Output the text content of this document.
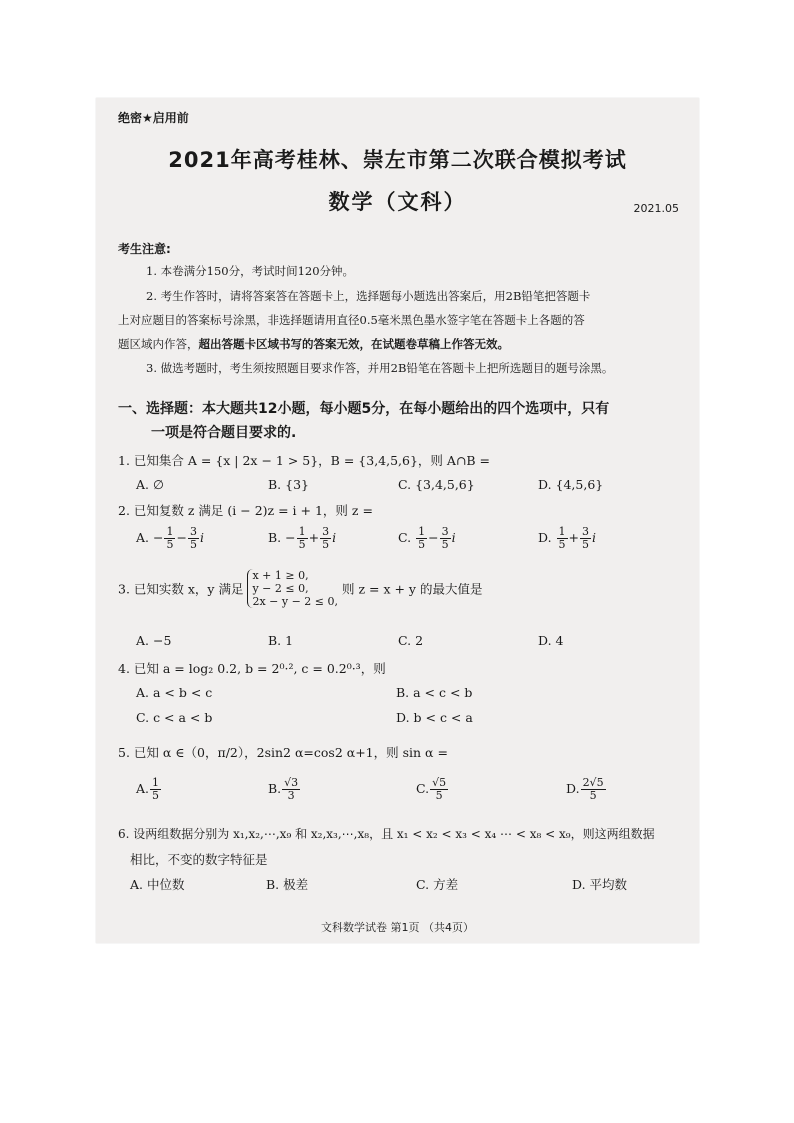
绝密★启用前
2021年高考桂林、崇左市第二次联合模拟考试
数学（文科）	2021.05
考生注意:
1. 本卷满分150分，考试时间120分钟。
2. 考生作答时，请将答案答在答题卡上，选择题每小题选出答案后，用2B铅笔把答题卡
上对应题目的答案标号涂黑，非选择题请用直径0.5毫米黑色墨水签字笔在答题卡上各题的答
题区域内作答，超出答题卡区域书写的答案无效，在试题卷草稿上作答无效。
3. 做选考题时，考生须按照题目要求作答，并用2B铅笔在答题卡上把所选题目的题号涂黑。
一、选择题：本大题共12小题，每小题5分，在每小题给出的四个选项中，只有
一项是符合题目要求的.
1. 已知集合 A = {x | 2x − 1 > 5}，B = {3,4,5,6}，则 A∩B =
A. ∅	B. {3}	C. {3,4,5,6}	D. {4,5,6}
2. 已知复数 z 满足 (i − 2)z = i + 1，则 z =
A. − $\frac{1}{5} - \frac{3}{5}$ i	B. − $\frac{1}{5} + \frac{3}{5}$ i	C. $\frac{1}{5} - \frac{3}{5}$ i	D. $\frac{1}{5} + \frac{3}{5}$ i
3. 已知实数 x，y 满足
x + 1 ≥ 0,
y − 2 ≤ 0,
2x − y − 2 ≤ 0,
则 z = x + y 的最大值是
A. −5	B. 1	C. 2	D. 4
4. 已知 a = log₂ 0.2, b = 2⁰·², c = 0.2⁰·³，则
A. a < b < c	B. a < c < b
C. c < a < b	D. b < c < a
5. 已知 α ∈（0，π/2），2sin2 α=cos2 α+1，则 sin α =
A. $\frac{1}{5}$	B. $\frac{√3}{3}$	C. $\frac{√5}{5}$	D. $\frac{2√5}{5}$
6. 设两组数据分别为 x₁,x₂,⋯,x₉ 和 x₂,x₃,⋯,x₈，且 x₁ < x₂ < x₃ < x₄ ⋯ < x₈ < x₉，则这两组数据
相比，不变的数字特征是
A. 中位数	B. 极差	C. 方差	D. 平均数
文科数学试卷 第1页 （共4页）
